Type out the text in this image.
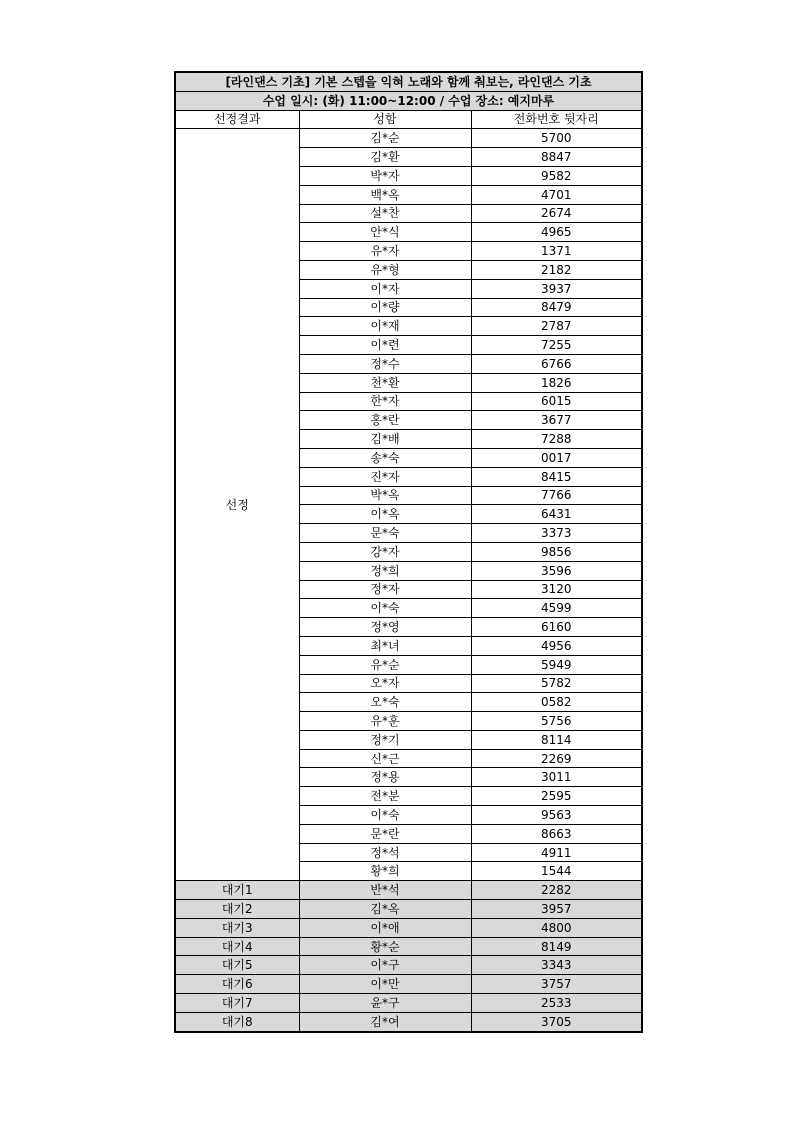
[라인댄스 기초] 기본 스텝을 익혀 노래와 함께 춰보는, 라인댄스 기초		
수업 일시: (화) 11:00~12:00 / 수업 장소: 예지마루		
선정결과	성함	전화번호 뒷자리
선정	김*순	5700
	김*환	8847
	박*자	9582
	백*옥	4701
	설*찬	2674
	안*식	4965
	유*자	1371
	유*형	2182
	이*자	3937
	이*량	8479
	이*재	2787
	이*련	7255
	정*수	6766
	천*환	1826
	한*자	6015
	홍*란	3677
	김*배	7288
	송*숙	0017
	진*자	8415
	박*옥	7766
	이*옥	6431
	문*숙	3373
	강*자	9856
	정*희	3596
	정*자	3120
	이*숙	4599
	정*영	6160
	최*녀	4956
	유*순	5949
	오*자	5782
	오*숙	0582
	유*훈	5756
	정*기	8114
	신*근	2269
	정*용	3011
	전*분	2595
	이*숙	9563
	문*란	8663
	정*석	4911
	황*희	1544
대기1	반*석	2282
대기2	김*옥	3957
대기3	이*애	4800
대기4	황*순	8149
대기5	이*구	3343
대기6	이*만	3757
대기7	윤*구	2533
대기8	김*여	3705
